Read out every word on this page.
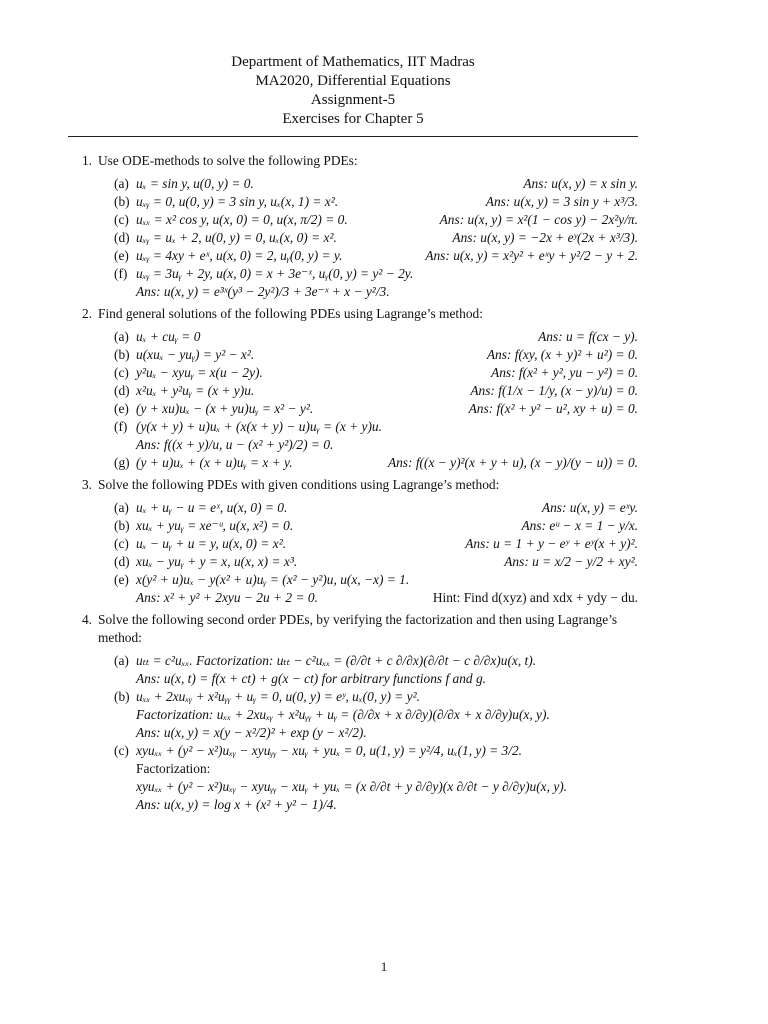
Department of Mathematics, IIT Madras
MA2020, Differential Equations
Assignment-5
Exercises for Chapter 5
1. Use ODE-methods to solve the following PDEs:
(a) uₓ = sin y, u(0, y) = 0.	Ans: u(x, y) = x sin y.
(b) uₓᵧ = 0, u(0, y) = 3 sin y, uₓ(x, 1) = x².	Ans: u(x, y) = 3 sin y + x³/3.
(c) uₓₓ = x² cos y, u(x, 0) = 0, u(x, π/2) = 0.	Ans: u(x, y) = x²(1 − cos y) − 2x²y/π.
(d) uₓᵧ = uₓ + 2, u(0, y) = 0, uₓ(x, 0) = x².	Ans: u(x, y) = −2x + eʸ(2x + x³/3).
(e) uₓᵧ = 4xy + eˣ, u(x, 0) = 2, uᵧ(0, y) = y.	Ans: u(x, y) = x²y² + eˣy + y²/2 − y + 2.
(f) uₓᵧ = 3uᵧ + 2y, u(x, 0) = x + 3e⁻ˣ, uᵧ(0, y) = y² − 2y.
Ans: u(x, y) = e³ˣ(y³ − 2y²)/3 + 3e⁻ˣ + x − y²/3.
2. Find general solutions of the following PDEs using Lagrange’s method:
(a) uₓ + cuᵧ = 0	Ans: u = f(cx − y).
(b) u(xuₓ − yuᵧ) = y² − x².	Ans: f(xy, (x + y)² + u²) = 0.
(c) y²uₓ − xyuᵧ = x(u − 2y).	Ans: f(x² + y², yu − y²) = 0.
(d) x²uₓ + y²uᵧ = (x + y)u.	Ans: f(1/x − 1/y, (x − y)/u) = 0.
(e) (y + xu)uₓ − (x + yu)uᵧ = x² − y².	Ans: f(x² + y² − u², xy + u) = 0.
(f) (y(x + y) + u)uₓ + (x(x + y) − u)uᵧ = (x + y)u.
Ans: f((x + y)/u, u − (x² + y²)/2) = 0.
(g) (y + u)uₓ + (x + u)uᵧ = x + y.	Ans: f((x − y)²(x + y + u), (x − y)/(y − u)) = 0.
3. Solve the following PDEs with given conditions using Lagrange’s method:
(a) uₓ + uᵧ − u = eˣ, u(x, 0) = 0.	Ans: u(x, y) = eˣy.
(b) xuₓ + yuᵧ = xe⁻ᵘ, u(x, x²) = 0.	Ans: eᵘ − x = 1 − y/x.
(c) uₓ − uᵧ + u = y, u(x, 0) = x².	Ans: u = 1 + y − eʸ + eʸ(x + y)².
(d) xuₓ − yuᵧ + y = x, u(x, x) = x³.	Ans: u = x/2 − y/2 + xy².
(e) x(y² + u)uₓ − y(x² + u)uᵧ = (x² − y²)u, u(x, −x) = 1.
Ans: x² + y² + 2xyu − 2u + 2 = 0.	Hint: Find d(xyz) and xdx + ydy − du.
4. Solve the following second order PDEs, by verifying the factorization and then using Lagrange’s method:
(a) uₜₜ = c²uₓₓ. Factorization: uₜₜ − c²uₓₓ = (∂/∂t + c ∂/∂x)(∂/∂t − c ∂/∂x)u(x, t).
Ans: u(x, t) = f(x + ct) + g(x − ct) for arbitrary functions f and g.
(b) uₓₓ + 2xuₓᵧ + x²uᵧᵧ + uᵧ = 0, u(0, y) = eʸ, uₓ(0, y) = y².
Factorization: uₓₓ + 2xuₓᵧ + x²uᵧᵧ + uᵧ = (∂/∂x + x ∂/∂y)(∂/∂x + x ∂/∂y)u(x, y).
Ans: u(x, y) = x(y − x²/2)² + exp (y − x²/2).
(c) xyuₓₓ + (y² − x²)uₓᵧ − xyuᵧᵧ − xuᵧ + yuₓ = 0, u(1, y) = y²/4, uₓ(1, y) = 3/2.
Factorization:
xyuₓₓ + (y² − x²)uₓᵧ − xyuᵧᵧ − xuᵧ + yuₓ = (x ∂/∂t + y ∂/∂y)(x ∂/∂t − y ∂/∂y)u(x, y).
Ans: u(x, y) = log x + (x² + y² − 1)/4.
1
